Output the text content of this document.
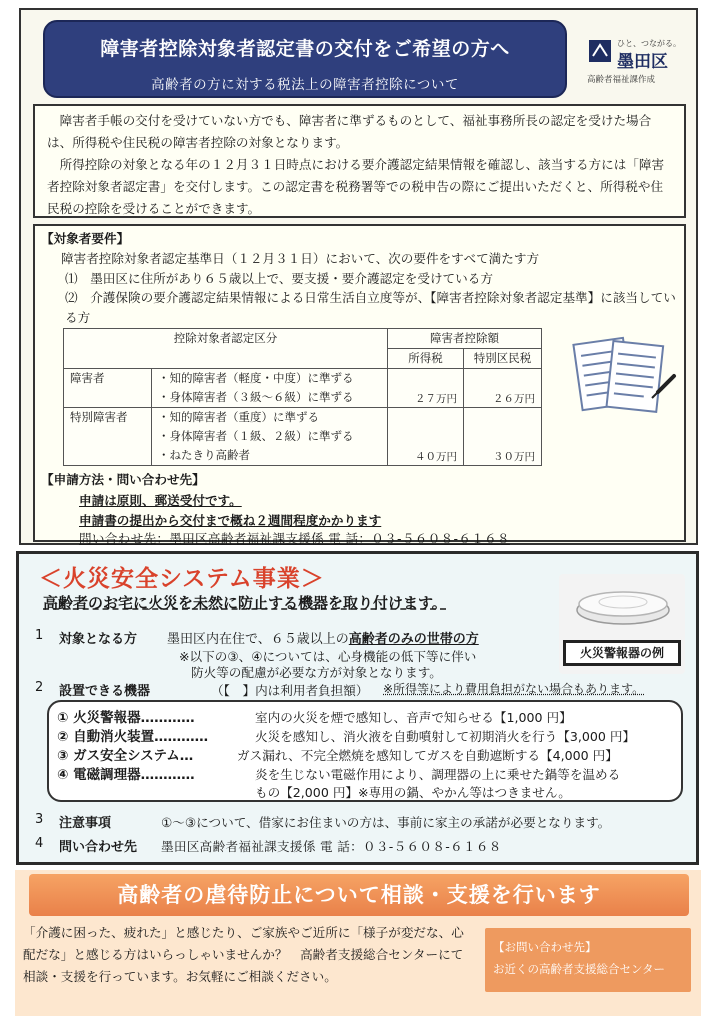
障害者控除対象者認定書の交付をご希望の方へ
高齢者の方に対する税法上の障害者控除について
ひと、つながる。
墨田区
高齢者福祉課作成

障害者手帳の交付を受けていない方でも、障害者に準ずるものとして、福祉事務所長の認定を受けた場合は、所得税や住民税の障害者控除の対象となります。

所得控除の対象となる年の１２月３１日時点における要介護認定結果情報を確認し、該当する方には「障害者控除対象者認定書」を交付します。この認定書を税務署等での税申告の際にご提出いただくと、所得税や住民税の控除を受けることができます。

【対象者要件】
障害者控除対象者認定基準日（１２月３１日）において、次の要件をすべて満たす方
⑴　墨田区に住所があり６５歳以上で、要支援・要介護認定を受けている方
⑵　介護保険の要介護認定結果情報による日常生活自立度等が、【障害者控除対象者認定基準】に該当している方
控除対象者認定区分		障害者控除額	
		所得税	特別区民税
障害者	・知的障害者（軽度・中度）に準ずる
・身体障害者（３級～６級）に準ずる	２７万円	２６万円
特別障害者	・知的障害者（重度）に準ずる
・身体障害者（１級、２級）に準ずる
・ねたきり高齢者	４０万円	３０万円
【申請方法・問い合わせ先】
申請は原則、郵送受付です。
申請書の提出から交付まで概ね２週間程度かかります
問い合わせ先：墨田区高齢者福祉課支援係 電 話：０３-５６０８-６１６８
＜火災安全システム事業＞
高齢者のお宅に火災を未然に防止する機器を取り付けます。
火災警報器の例
1 対象となる方 墨田区内在住で、６５歳以上の高齢者のみの世帯の方
※以下の③、④については、心身機能の低下等に伴い
防火等の配慮が必要な方が対象となります。
2 設置できる機器	（【　】内は利用者負担額） ※所得等により費用負担がない場合もあります。
① 火災警報器…………	室内の火災を煙で感知し、音声で知らせる【1,000 円】
② 自動消火装置…………	火災を感知し、消火液を自動噴射して初期消火を行う【3,000 円】
③ ガス安全システム…	ガス漏れ、不完全燃焼を感知してガスを自動遮断する【4,000 円】
④ 電磁調理器…………	炎を生じない電磁作用により、調理器の上に乗せた鍋等を温める
もの【2,000 円】※専用の鍋、やかん等はつきません。
3 注意事項	①～③について、借家にお住まいの方は、事前に家主の承諾が必要となります。
4 問い合わせ先 墨田区高齢者福祉課支援係 電 話：０３-５６０８-６１６８
高齢者の虐待防止について相談・支援を行います
「介護に困った、疲れた」と感じたり、ご家族やご近所に「様子が変だな、心配だな」と感じる方はいらっしゃいませんか？　高齢者支援総合センターにて相談・支援を行っています。お気軽にご相談ください。
【お問い合わせ先】
お近くの高齢者支援総合センター
